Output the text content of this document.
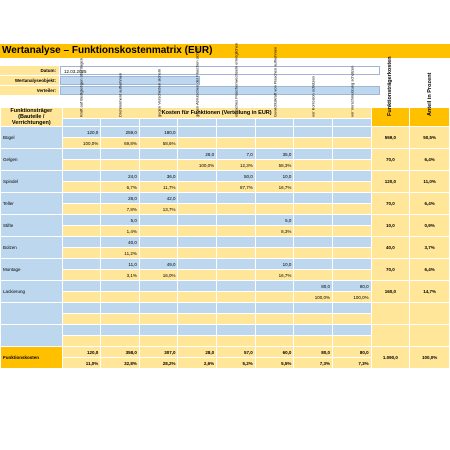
Wertanalyse – Funktionskostenmatrix (EUR)
Datum:	12.03.2025
Wertanalyseobjekt:
Verteiler:
Funktionsträger (Bauteile / Verrichtungen)	Kosten für Funktionen (Verteilung in EUR)								Funktionsträgerkosten	Anteil in Prozent

	Kraft auf Bedigiebgen übertragen	Drehmoment aufnehmen	gegen Verschieben sichern	gegen Abrutschen der Flaschen sichern	einfaches Flaschenwechseln ermöglichen	Gewichtskraft von Flaschen aufnehmen	vor Korrosion schützen	vor Verschmutzung schützen		

Bügel	120,0	259,0	180,0						559,0	50,5%
	100,0%	69,8%	58,6%							
Gelgen				28,0	7,0	35,0			70,0	6,4%
				100,0%	12,3%	58,3%				
Spindel		24,0	36,0		50,0	10,0			120,0	11,0%
		6,7%	11,7%		87,7%	16,7%				
Teller		28,0	42,0						70,0	6,4%
		7,8%	13,7%							
Stifte		5,0				5,0			10,0	0,9%
		1,4%				8,3%				
Bolzen		40,0							40,0	3,7%
		11,2%								
Montage		11,0	49,0			10,0			70,0	6,4%
		3,1%	16,0%			16,7%				
Lackierung							80,0	80,0	160,0	14,7%
							100,0%	100,0%		

Funktionskosten	120,0	358,0	307,0	28,0	57,0	60,0	80,0	80,0	1.090,0	100,0%
	11,0%	32,8%	28,2%	2,6%	5,2%	5,5%	7,3%	7,3%		
